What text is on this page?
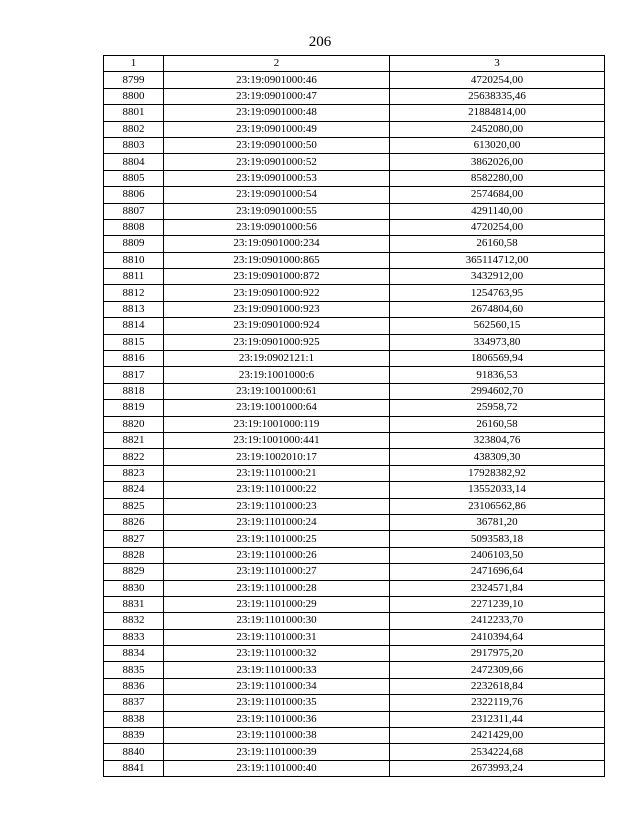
206
1	2	3
8799	23:19:0901000:46	4720254,00
8800	23:19:0901000:47	25638335,46
8801	23:19:0901000:48	21884814,00
8802	23:19:0901000:49	2452080,00
8803	23:19:0901000:50	613020,00
8804	23:19:0901000:52	3862026,00
8805	23:19:0901000:53	8582280,00
8806	23:19:0901000:54	2574684,00
8807	23:19:0901000:55	4291140,00
8808	23:19:0901000:56	4720254,00
8809	23:19:0901000:234	26160,58
8810	23:19:0901000:865	365114712,00
8811	23:19:0901000:872	3432912,00
8812	23:19:0901000:922	1254763,95
8813	23:19:0901000:923	2674804,60
8814	23:19:0901000:924	562560,15
8815	23:19:0901000:925	334973,80
8816	23:19:0902121:1	1806569,94
8817	23:19:1001000:6	91836,53
8818	23:19:1001000:61	2994602,70
8819	23:19:1001000:64	25958,72
8820	23:19:1001000:119	26160,58
8821	23:19:1001000:441	323804,76
8822	23:19:1002010:17	438309,30
8823	23:19:1101000:21	17928382,92
8824	23:19:1101000:22	13552033,14
8825	23:19:1101000:23	23106562,86
8826	23:19:1101000:24	36781,20
8827	23:19:1101000:25	5093583,18
8828	23:19:1101000:26	2406103,50
8829	23:19:1101000:27	2471696,64
8830	23:19:1101000:28	2324571,84
8831	23:19:1101000:29	2271239,10
8832	23:19:1101000:30	2412233,70
8833	23:19:1101000:31	2410394,64
8834	23:19:1101000:32	2917975,20
8835	23:19:1101000:33	2472309,66
8836	23:19:1101000:34	2232618,84
8837	23:19:1101000:35	2322119,76
8838	23:19:1101000:36	2312311,44
8839	23:19:1101000:38	2421429,00
8840	23:19:1101000:39	2534224,68
8841	23:19:1101000:40	2673993,24
